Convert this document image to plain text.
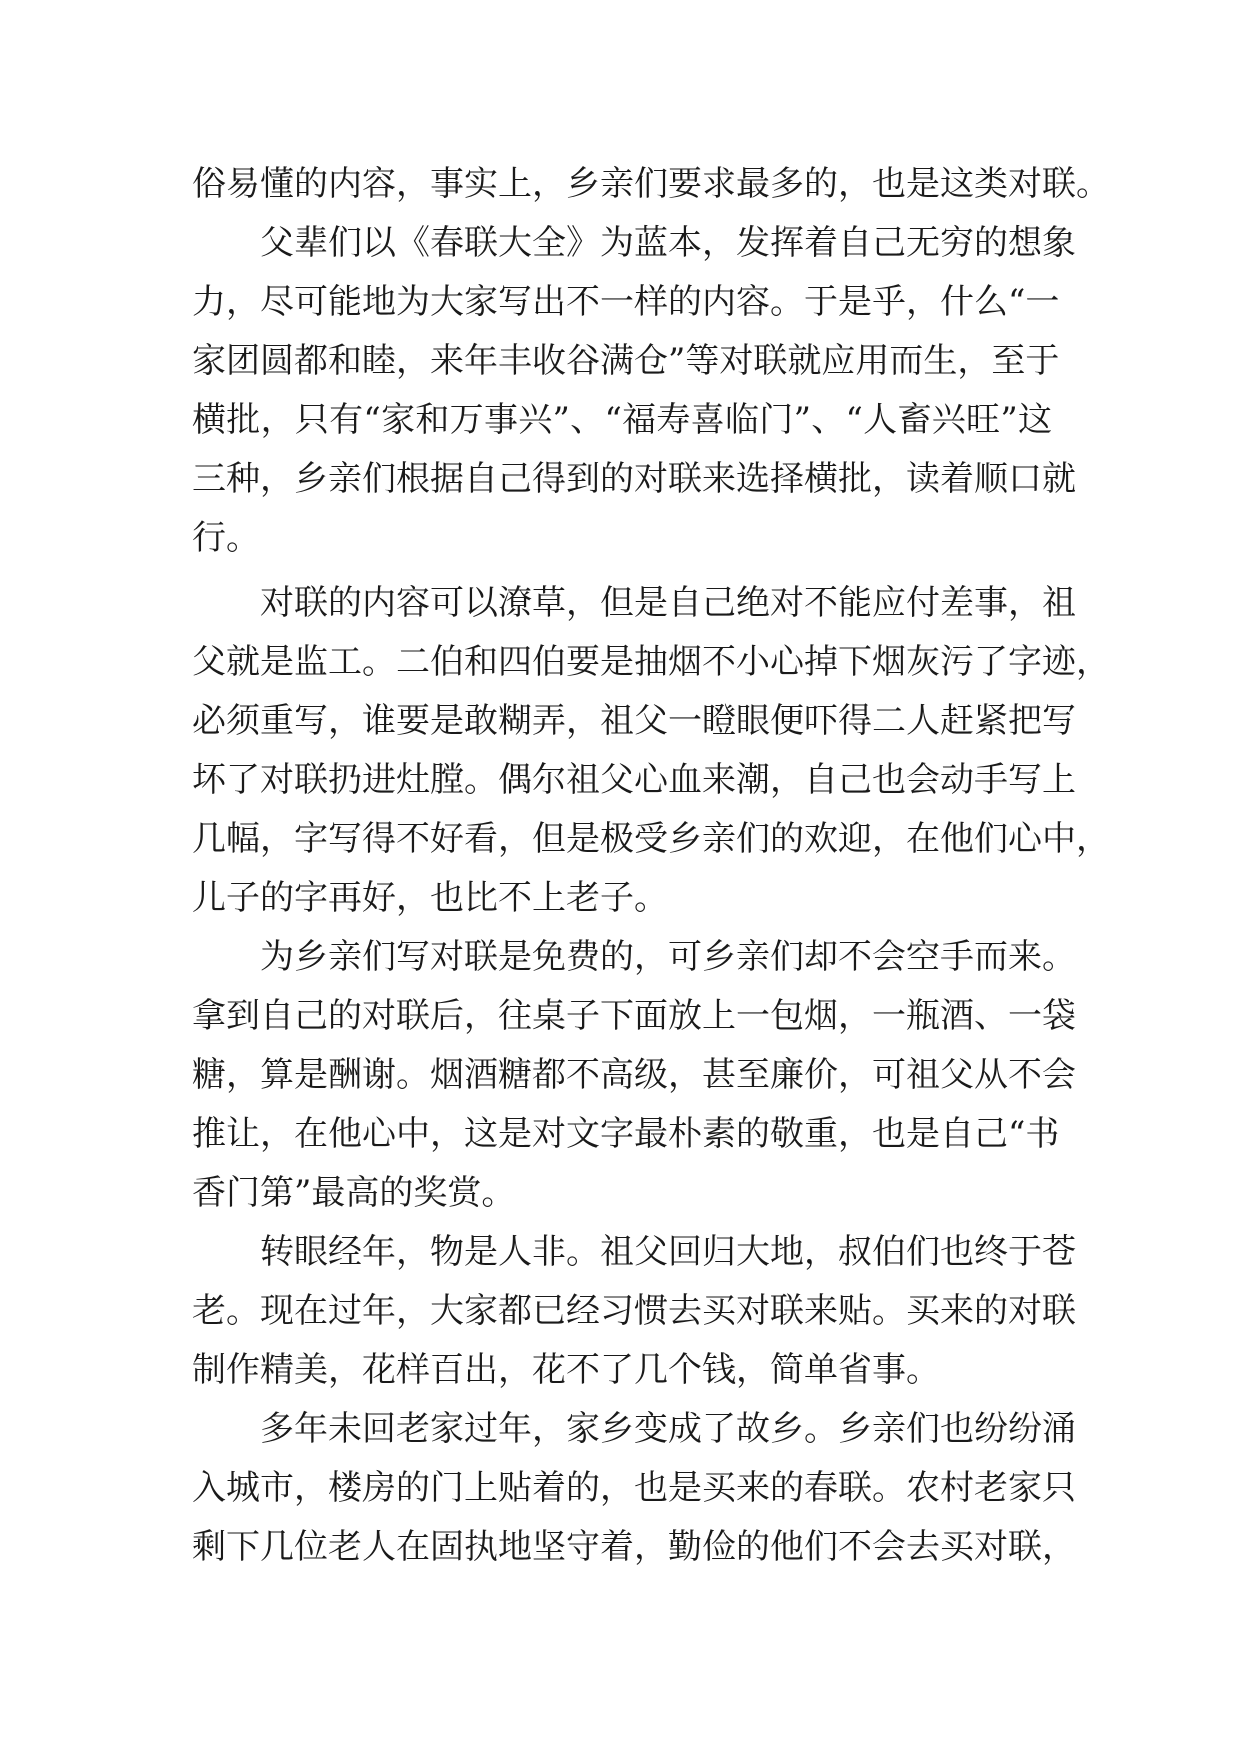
俗易懂的内容，事实上，乡亲们要求最多的，也是这类对联。
父辈们以《春联大全》为蓝本，发挥着自己无穷的想象
力，尽可能地为大家写出不一样的内容。于是乎，什么“一
家团圆都和睦，来年丰收谷满仓”等对联就应用而生，至于
横批，只有“家和万事兴”、“福寿喜临门”、“人畜兴旺”这
三种，乡亲们根据自己得到的对联来选择横批，读着顺口就
行。
对联的内容可以潦草，但是自己绝对不能应付差事，祖
父就是监工。二伯和四伯要是抽烟不小心掉下烟灰污了字迹，
必须重写，谁要是敢糊弄，祖父一瞪眼便吓得二人赶紧把写
坏了对联扔进灶膛。偶尔祖父心血来潮，自己也会动手写上
几幅，字写得不好看，但是极受乡亲们的欢迎，在他们心中，
儿子的字再好，也比不上老子。
为乡亲们写对联是免费的，可乡亲们却不会空手而来。
拿到自己的对联后，往桌子下面放上一包烟，一瓶酒、一袋
糖，算是酬谢。烟酒糖都不高级，甚至廉价，可祖父从不会
推让，在他心中，这是对文字最朴素的敬重，也是自己“书
香门第”最高的奖赏。
转眼经年，物是人非。祖父回归大地，叔伯们也终于苍
老。现在过年，大家都已经习惯去买对联来贴。买来的对联
制作精美，花样百出，花不了几个钱，简单省事。
多年未回老家过年，家乡变成了故乡。乡亲们也纷纷涌
入城市，楼房的门上贴着的，也是买来的春联。农村老家只
剩下几位老人在固执地坚守着，勤俭的他们不会去买对联，
